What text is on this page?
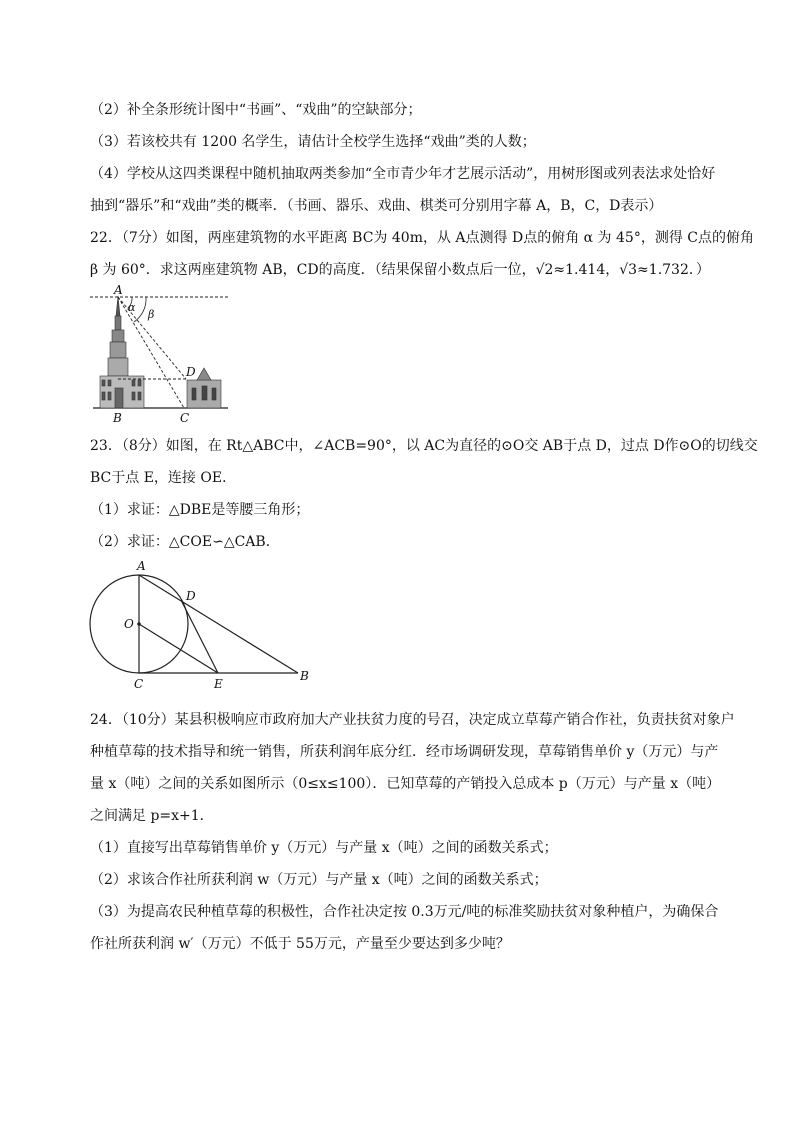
（2）补全条形统计图中“书画”、“戏曲”的空缺部分；
（3）若该校共有 1200 名学生，请估计全校学生选择“戏曲”类的人数；
（4）学校从这四类课程中随机抽取两类参加“全市青少年才艺展示活动”，用树形图或列表法求处恰好
抽到“器乐”和“戏曲”类的概率．（书画、器乐、戏曲、棋类可分别用字幕 A，B，C，D表示）
22．（7分）如图，两座建筑物的水平距离 BC为 40m，从 A点测得 D点的俯角 α 为 45°，测得 C点的俯角
β 为 60°．求这两座建筑物 AB，CD的高度．（结果保留小数点后一位，√2≈1.414，√3≈1.732．）
A
α
β
D
B	C
23．（8分）如图，在 Rt△ABC中，∠ACB=90°，以 AC为直径的⊙O交 AB于点 D，过点 D作⊙O的切线交
BC于点 E，连接 OE．
（1）求证：△DBE是等腰三角形；
（2）求证：△COE∽△CAB．
A
D
O
C	E
B
24．（10分）某县积极响应市政府加大产业扶贫力度的号召，决定成立草莓产销合作社，负责扶贫对象户
种植草莓的技术指导和统一销售，所获利润年底分红．经市场调研发现，草莓销售单价 y（万元）与产
量 x（吨）之间的关系如图所示（0≤x≤100）．已知草莓的产销投入总成本 p（万元）与产量 x（吨）
之间满足 p=x+1．
（1）直接写出草莓销售单价 y（万元）与产量 x（吨）之间的函数关系式；
（2）求该合作社所获利润 w（万元）与产量 x（吨）之间的函数关系式；
（3）为提高农民种植草莓的积极性，合作社决定按 0.3万元/吨的标准奖励扶贫对象种植户，为确保合
作社所获利润 w′（万元）不低于 55万元，产量至少要达到多少吨？
